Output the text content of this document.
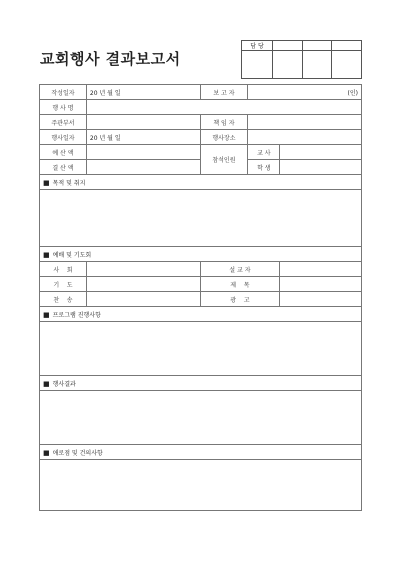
교회행사 결과보고서
담 당			

작성일자	20 년 월 일	보 고 자	(인)	

행 사 명				
주관부서		책 임 자		
행사일자	20 년 월 일	행사장소		
예 산 액		참석인원	교 사	
결 산 액			학 생	
■ 목적 및 취지				

■ 예배 및 기도회				
사    회		설 교 자		
기    도		제    목		
찬    송		광    고		
■ 프로그램 진행사항				

■ 행사결과				

■ 애로점 및 건의사항				
